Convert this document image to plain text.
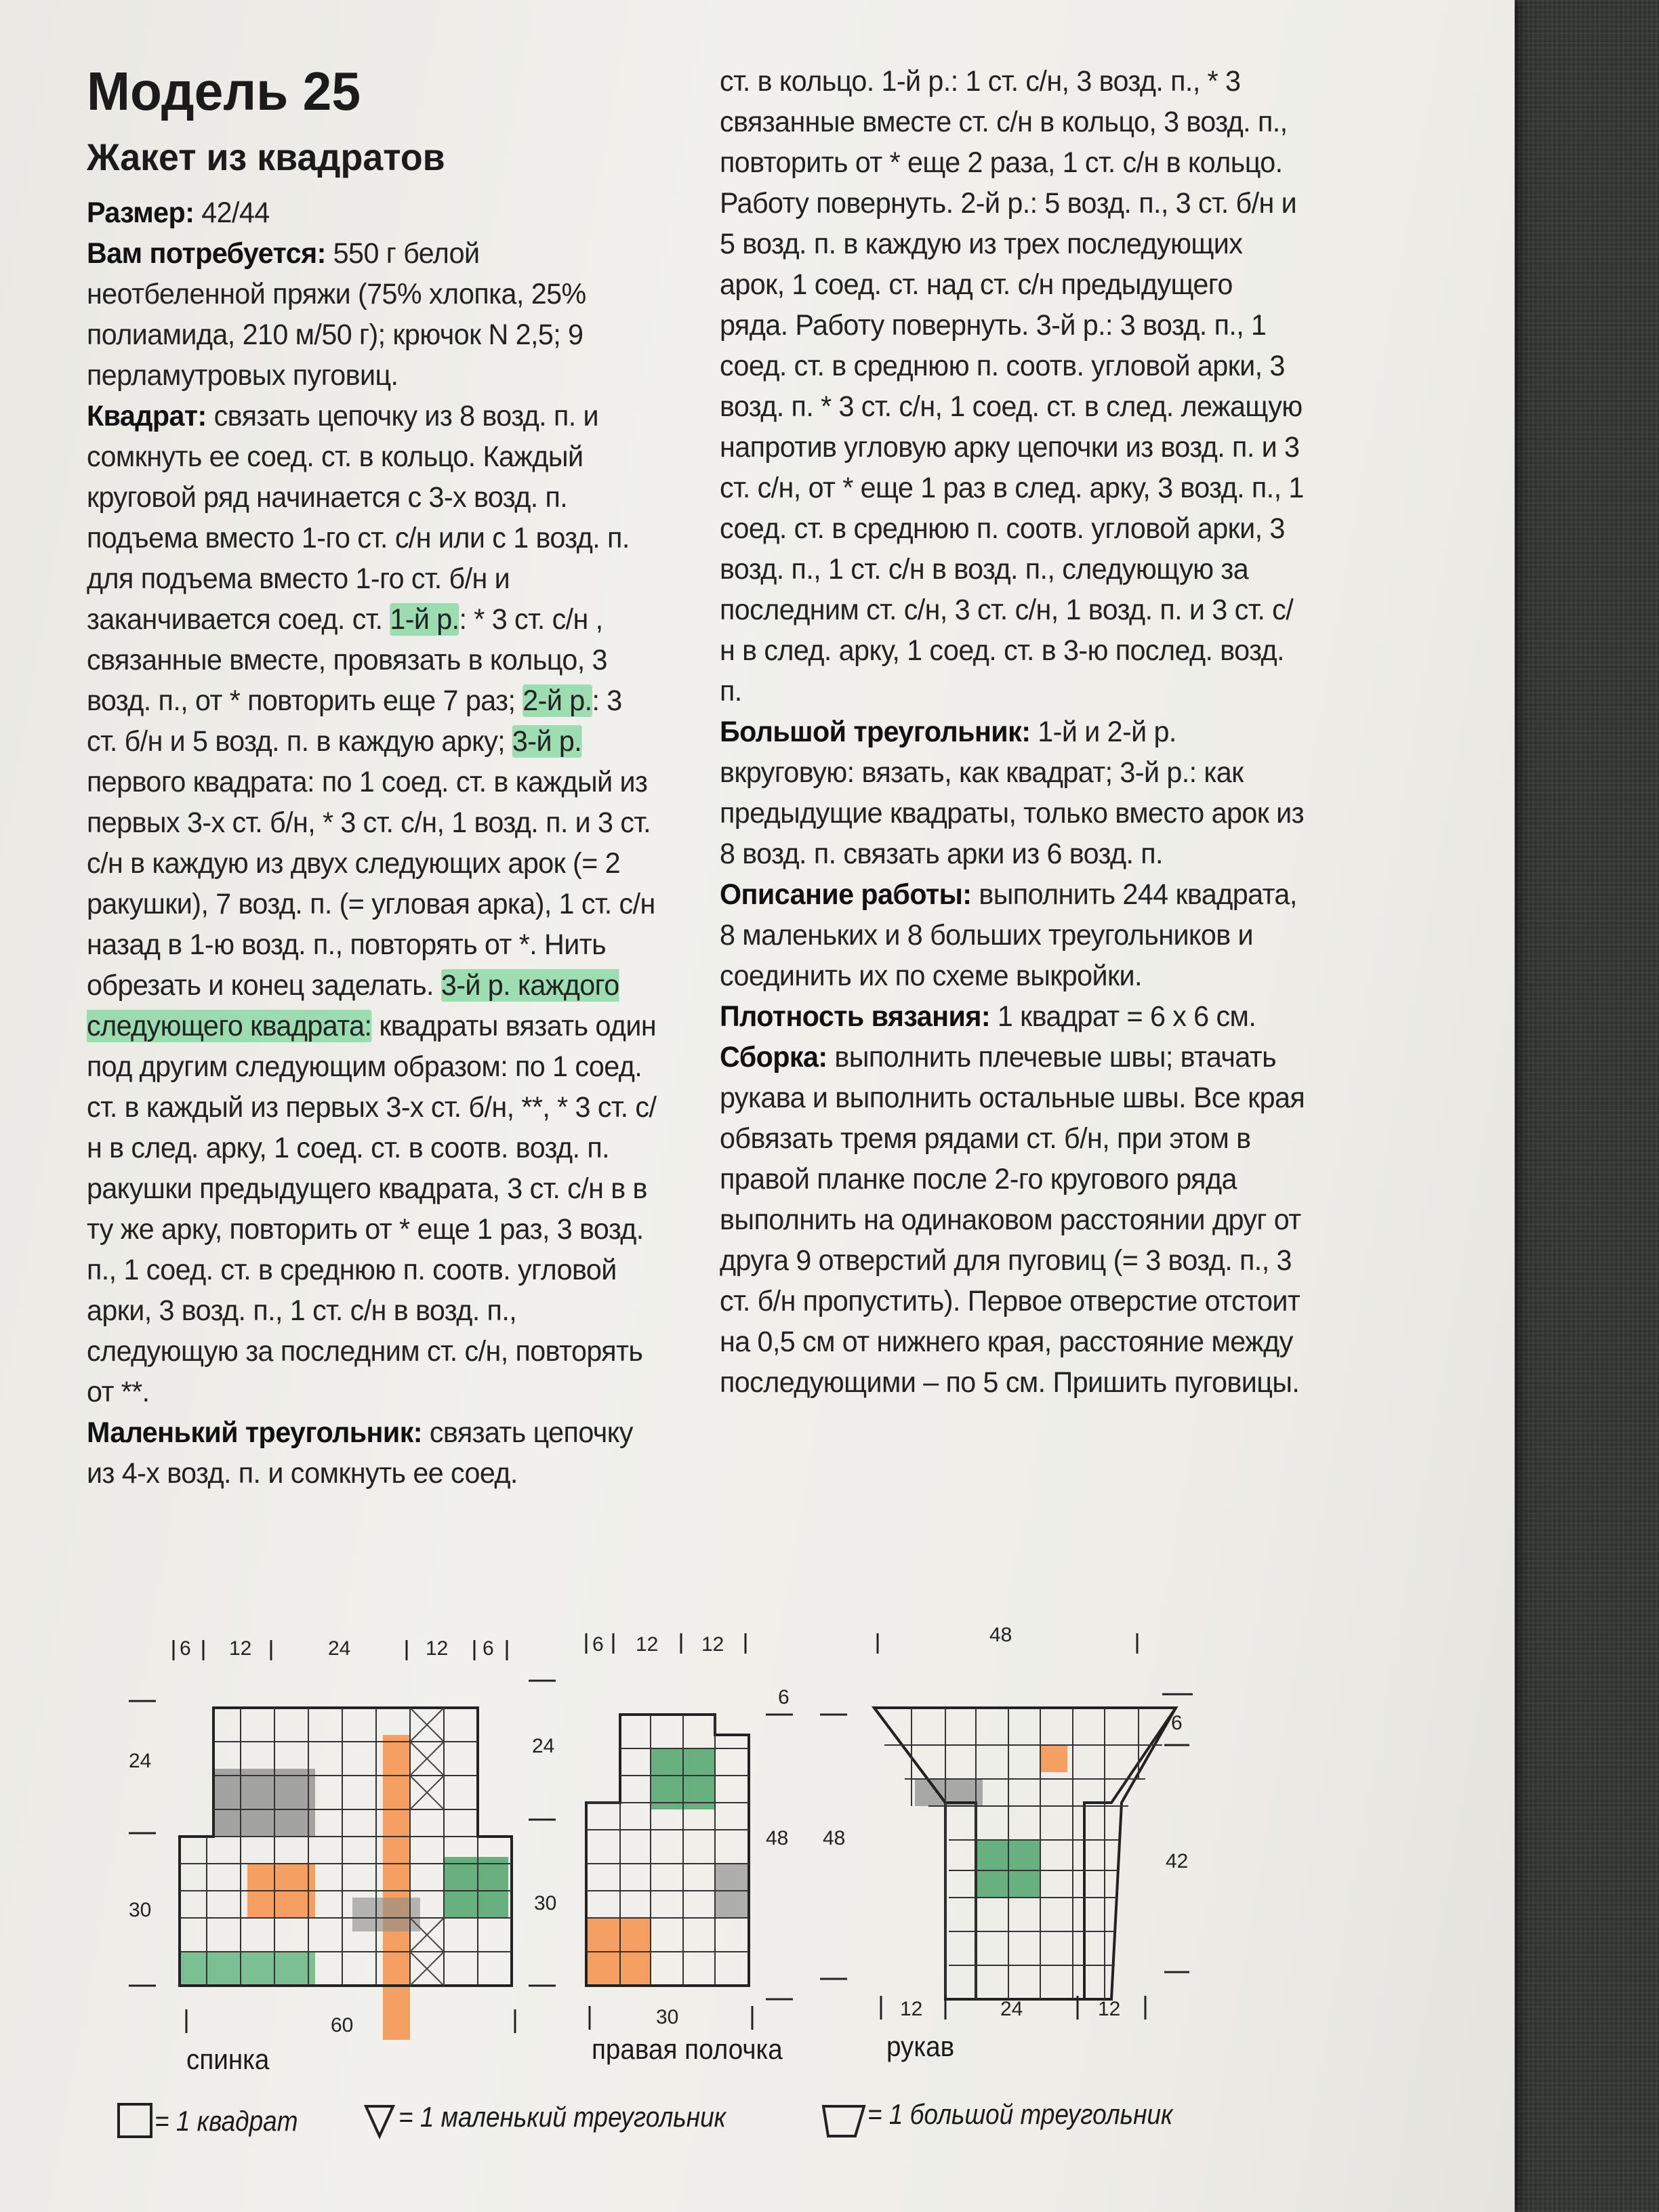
Модель 25
Жакет из квадратов

Размер: 42/44

Вам потребуется: 550 г белой неотбеленной пряжи (75% хлопка, 25% полиамида, 210 м/50 г); крючок N 2,5; 9 перламутровых пуговиц.

Квадрат: связать цепочку из 8 возд. п. и сомкнуть ее соед. ст. в кольцо. Каждый круговой ряд начинается с 3-х возд. п. подъема вместо 1-го ст. с/н или с 1 возд. п. для подъема вместо 1-го ст. б/н и заканчивается соед. ст. 1-й р.: * 3 ст. с/н , связанные вместе, провязать в кольцо, 3 возд. п., от * повторить еще 7 раз; 2-й р.: 3 ст. б/н и 5 возд. п. в каждую арку; 3-й р. первого квадрата: по 1 соед. ст. в каждый из первых 3-х ст. б/н, * 3 ст. с/н, 1 возд. п. и 3 ст. с/н в каждую из двух следующих арок (= 2 ракушки), 7 возд. п. (= угловая арка), 1 ст. с/н назад в 1-ю возд. п., повторять от *. Нить обрезать и конец заделать. 3-й р. каждого следующего квадрата: квадраты вязать один под другим следующим образом: по 1 соед. ст. в каждый из первых 3-х ст. б/н, **, * 3 ст. с/н в след. арку, 1 соед. ст. в соотв. возд. п. ракушки предыдущего квадрата, 3 ст. с/н в в ту же арку, повторить от * еще 1 раз, 3 возд. п., 1 соед. ст. в среднюю п. соотв. угловой арки, 3 возд. п., 1 ст. с/н в возд. п., следующую за последним ст. с/н, повторять от **.

Маленький треугольник: связать цепочку из 4-х возд. п. и сомкнуть ее соед.

ст. в кольцо. 1-й р.: 1 ст. с/н, 3 возд. п., * 3 связанные вместе ст. с/н в кольцо, 3 возд. п., повторить от * еще 2 раза, 1 ст. с/н в кольцо. Работу повернуть. 2-й р.: 5 возд. п., 3 ст. б/н и 5 возд. п. в каждую из трех последующих арок, 1 соед. ст. над ст. с/н предыдущего ряда. Работу повернуть. 3-й р.: 3 возд. п., 1 соед. ст. в среднюю п. соотв. угловой арки, 3 возд. п. * 3 ст. с/н, 1 соед. ст. в след. лежащую напротив угловую арку цепочки из возд. п. и 3 ст. с/н, от * еще 1 раз в след. арку, 3 возд. п., 1 соед. ст. в среднюю п. соотв. угловой арки, 3 возд. п., 1 ст. с/н в возд. п., следующую за последним ст. с/н, 3 ст. с/н, 1 возд. п. и 3 ст. с/н в след. арку, 1 соед. ст. в 3-ю послед. возд. п.

Большой треугольник: 1-й и 2-й р. вкруговую: вязать, как квадрат; 3-й р.: как предыдущие квадраты, только вместо арок из 8 возд. п. связать арки из 6 возд. п.

Описание работы: выполнить 244 квадрата, 8 маленьких и 8 больших треугольников и соединить их по схеме выкройки.

Плотность вязания: 1 квадрат = 6 х 6 см.

Сборка: выполнить плечевые швы; втачать рукава и выполнить остальные швы. Все края обвязать тремя рядами ст. б/н, при этом в правой планке после 2-го кругового ряда выполнить на одинаковом расстоянии друг от друга 9 отверстий для пуговиц (= 3 возд. п., 3 ст. б/н пропустить). Первое отверстие отстоит на 0,5 см от нижнего края, расстояние между последующими – по 5 см. Пришить пуговицы.

6 12	24	12 6
24
30
60
спинка
6 12 12
24
30
6
48 48
30
правая полочка
48
6
42
12	24	12
рукав
= 1 квадрат	= 1 маленький треугольник	= 1 большой треугольник
